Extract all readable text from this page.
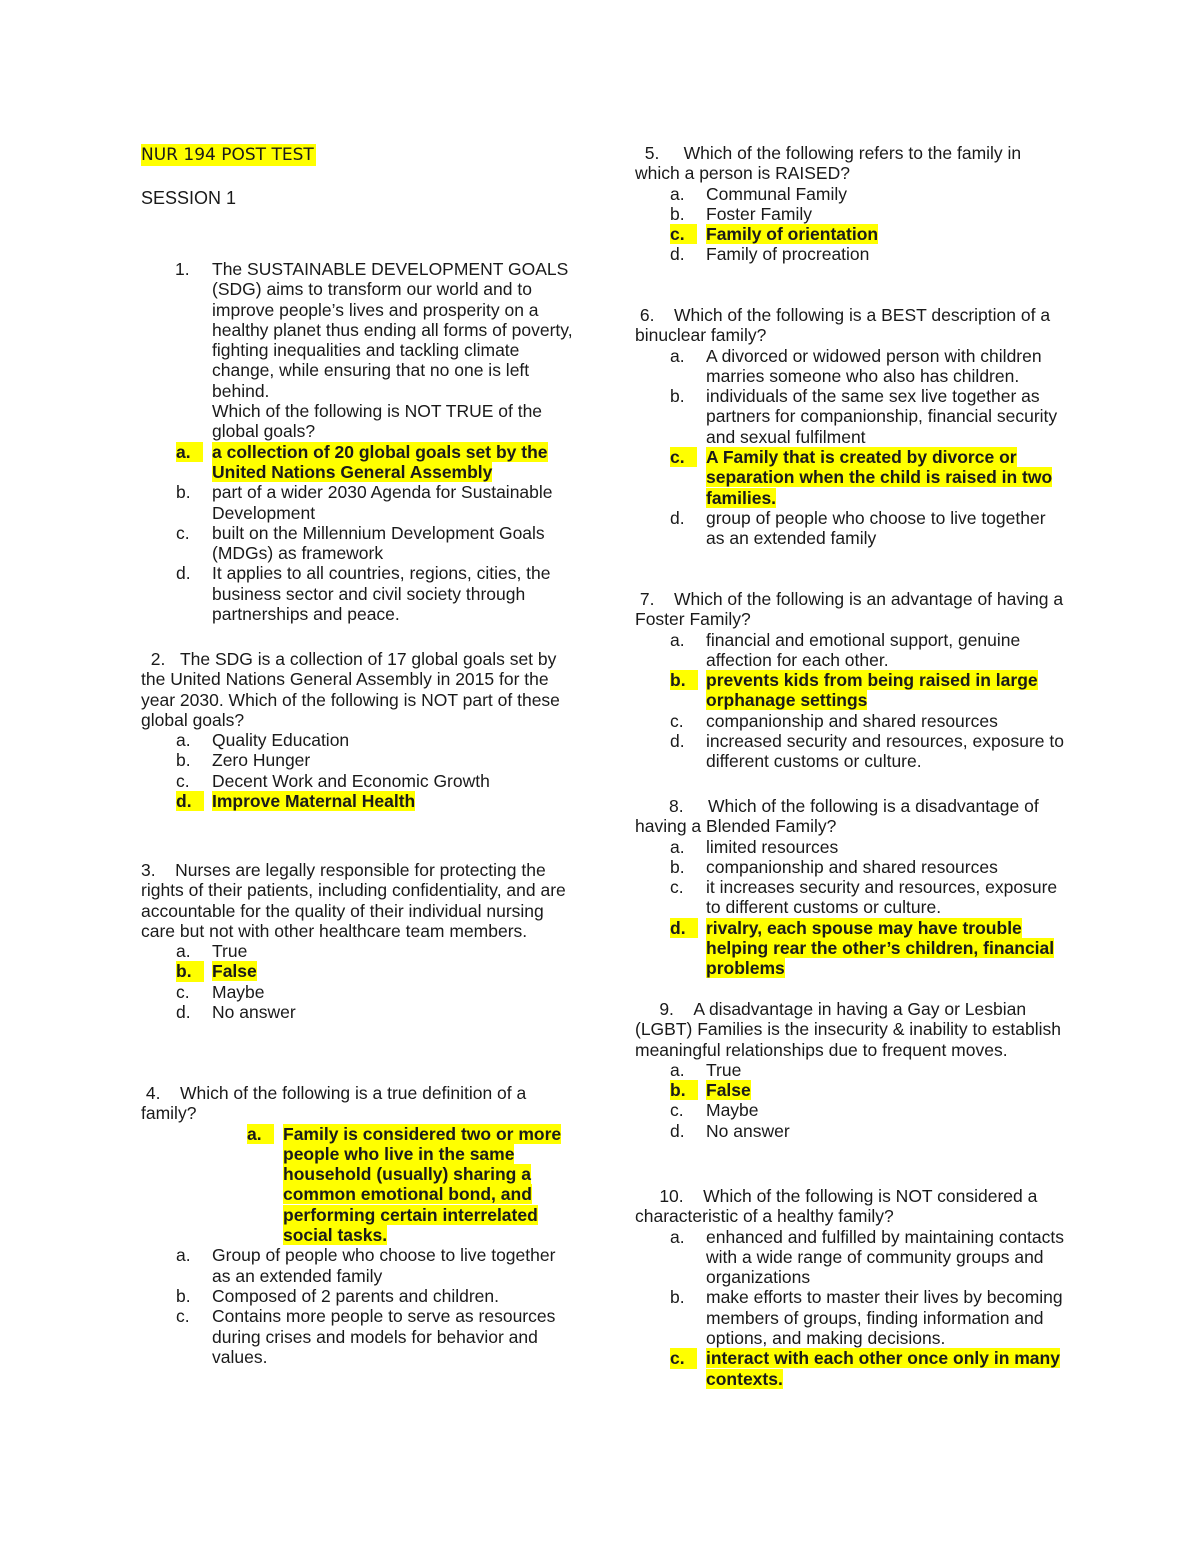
NUR 194 POST TEST
SESSION 1
1. The SUSTAINABLE DEVELOPMENT GOALS (SDG) aims to transform our world and to improve people’s lives and prosperity on a healthy planet thus ending all forms of poverty, fighting inequalities and tackling climate change, while ensuring that no one is left behind.
Which of the following is NOT TRUE of the global goals?
a.	a collection of 20 global goals set by the United Nations General Assembly
b. part of a wider 2030 Agenda for Sustainable Development
c. built on the Millennium Development Goals (MDGs) as framework
d. It applies to all countries, regions, cities, the business sector and civil society through partnerships and peace.

2. The SDG is a collection of 17 global goals set by the United Nations General Assembly in 2015 for the year 2030. Which of the following is NOT part of these global goals?

a. Quality Education
b. Zero Hunger
c. Decent Work and Economic Growth
d.	Improve Maternal Health

3. Nurses are legally responsible for protecting the rights of their patients, including confidentiality, and are accountable for the quality of their individual nursing care but not with other healthcare team members.

a. True
b.	False
c. Maybe
d. No answer

4. Which of the following is a true definition of a family?

a.	Family is considered two or more people who live in the same household (usually) sharing a common emotional bond, and performing certain interrelated social tasks.
a. Group of people who choose to live together as an extended family
b. Composed of 2 parents and children.
c. Contains more people to serve as resources during crises and models for behavior and values.

5. Which of the following refers to the family in which a person is RAISED?

a. Communal Family
b. Foster Family
c.	Family of orientation
d. Family of procreation

6. Which of the following is a BEST description of a binuclear family?

a. A divorced or widowed person with children marries someone who also has children.
b. individuals of the same sex live together as partners for companionship, financial security and sexual fulfilment
c.	A Family that is created by divorce or separation when the child is raised in two families.
d. group of people who choose to live together as an extended family

7. Which of the following is an advantage of having a Foster Family?

a. financial and emotional support, genuine affection for each other.
b.	prevents kids from being raised in large orphanage settings
c. companionship and shared resources
d. increased security and resources, exposure to different customs or culture.

8. Which of the following is a disadvantage of having a Blended Family?

a. limited resources
b. companionship and shared resources
c. it increases security and resources, exposure to different customs or culture.
d.	rivalry, each spouse may have trouble helping rear the other’s children, financial problems

9. A disadvantage in having a Gay or Lesbian (LGBT) Families is the insecurity & inability to establish meaningful relationships due to frequent moves.

a. True
b.	False
c. Maybe
d. No answer

10. Which of the following is NOT considered a characteristic of a healthy family?

a. enhanced and fulfilled by maintaining contacts with a wide range of community groups and organizations
b. make efforts to master their lives by becoming members of groups, finding information and options, and making decisions.
c.	interact with each other once only in many contexts.
